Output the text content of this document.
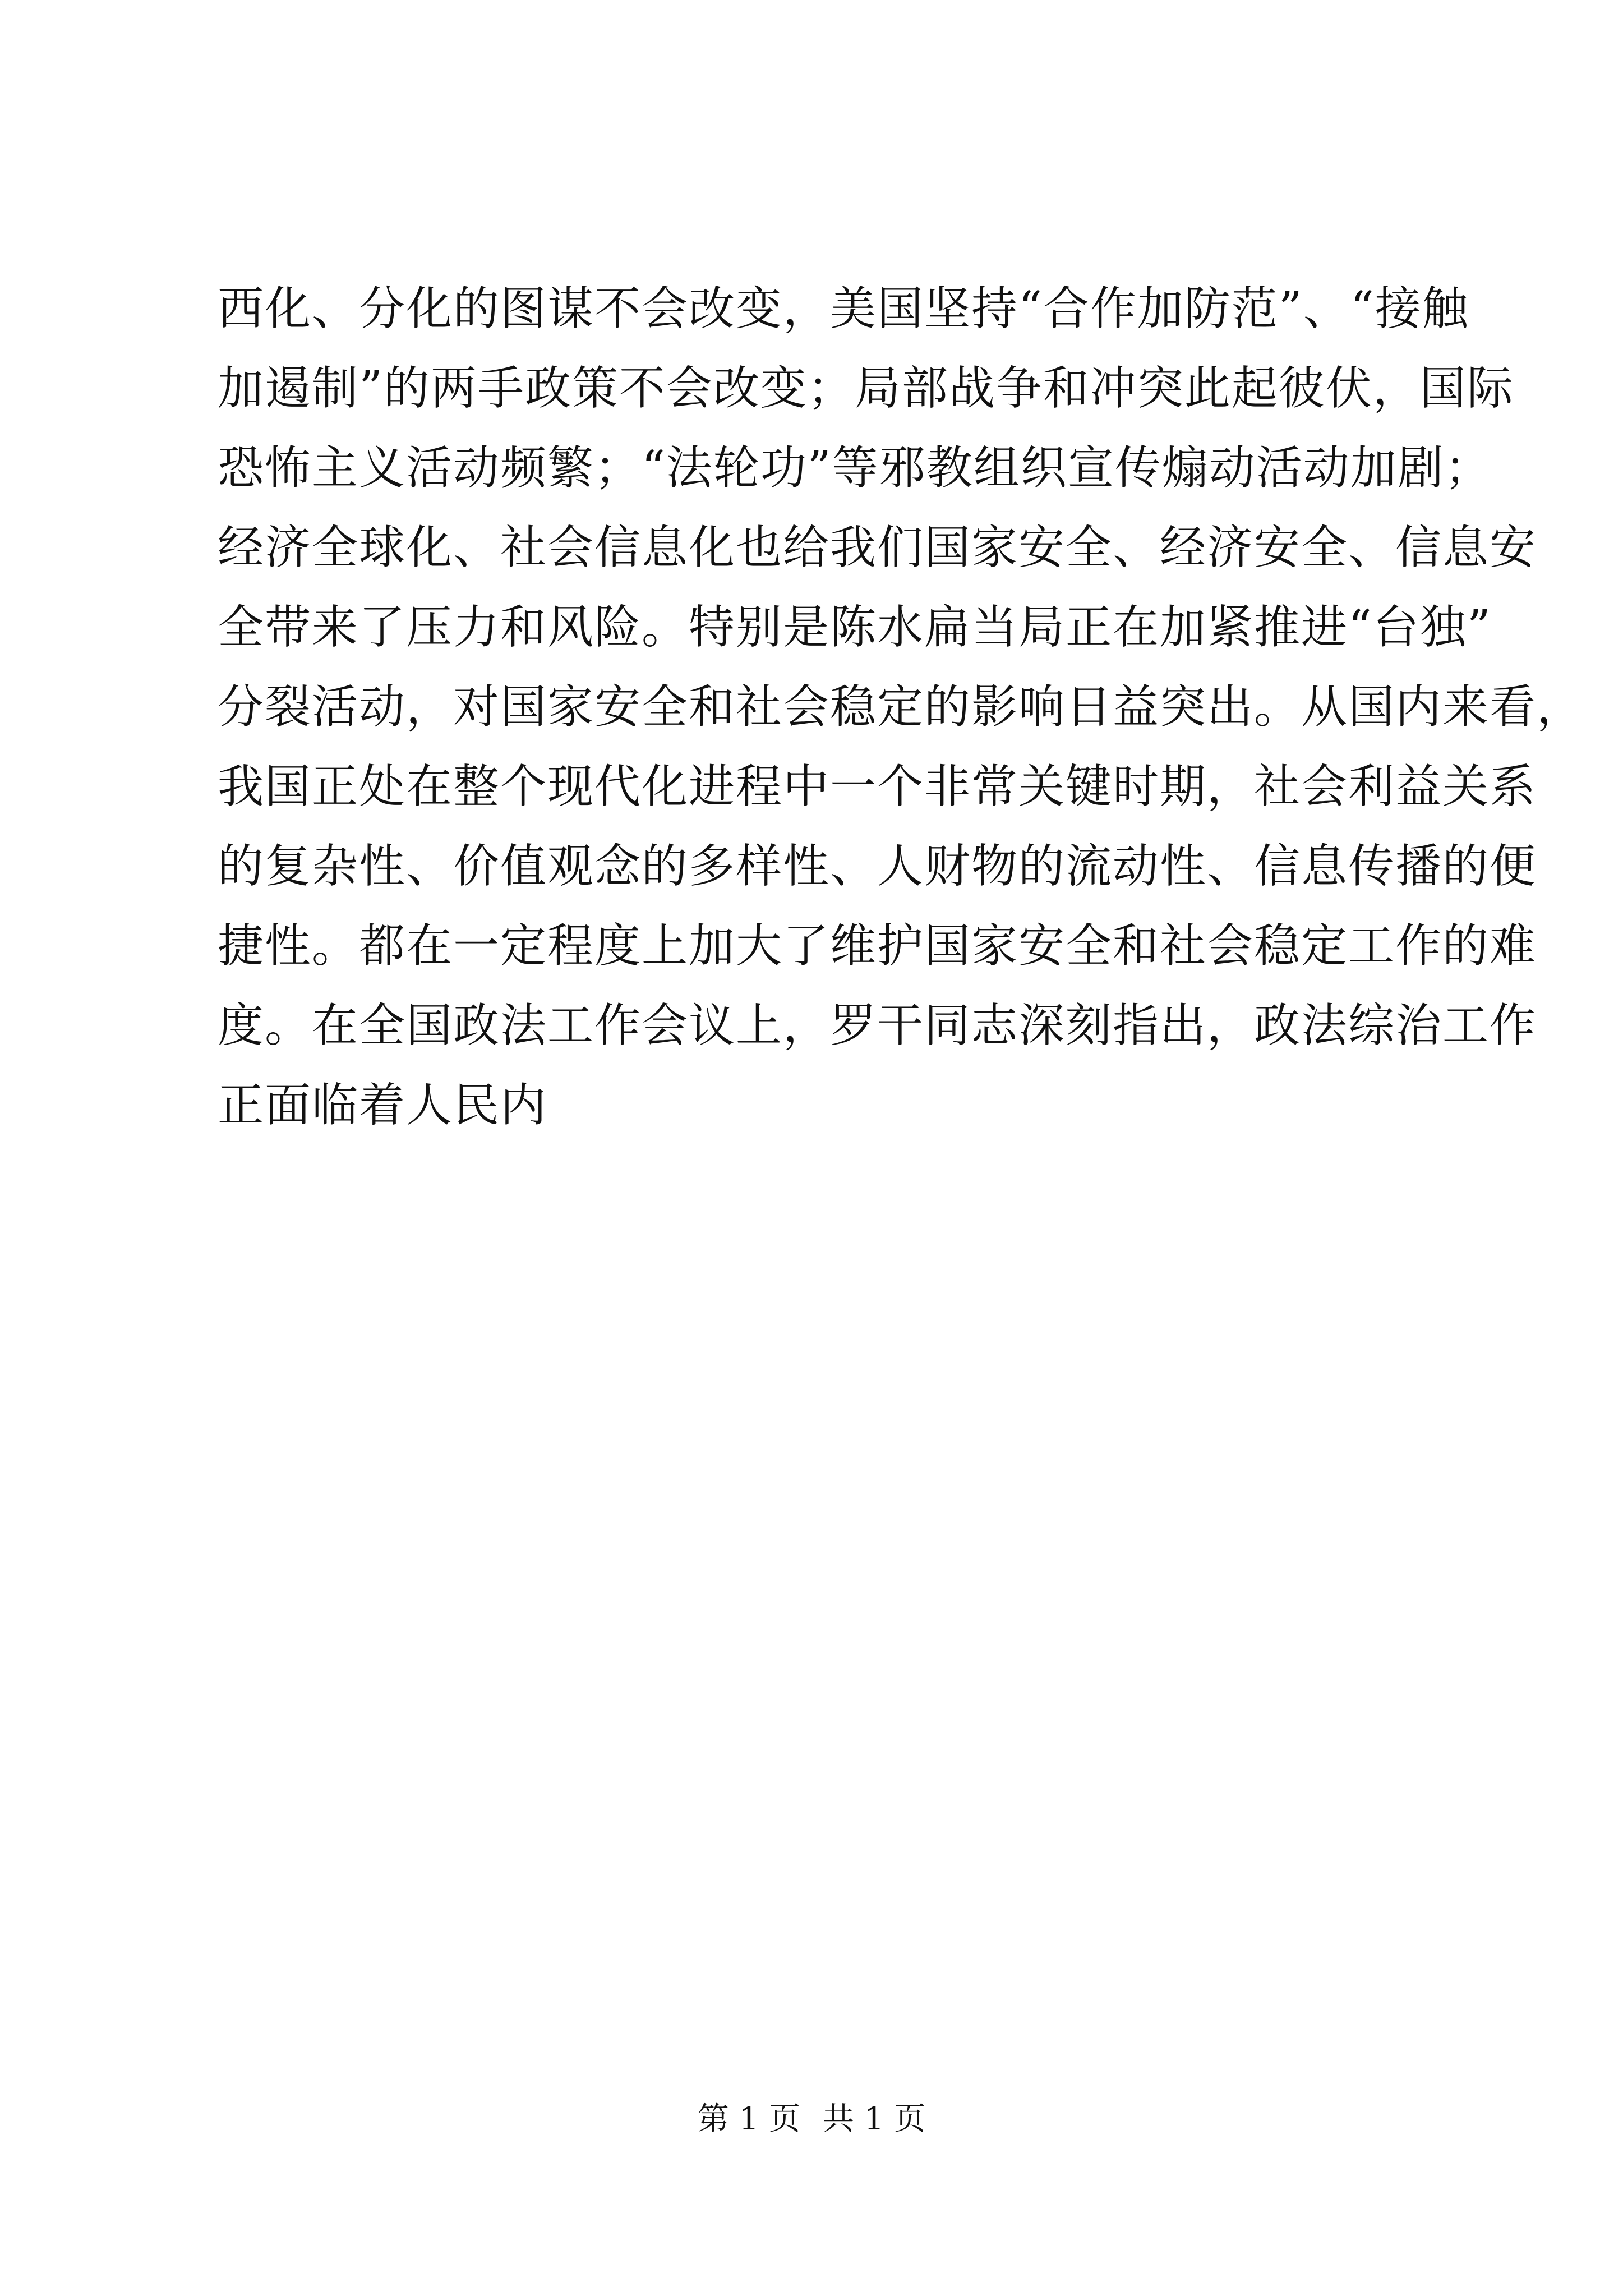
西化、分化的图谋不会改变，美国坚持“合作加防范”、“接触
加遏制”的两手政策不会改变；局部战争和冲突此起彼伏，国际
恐怖主义活动频繁；“法轮功”等邪教组织宣传煽动活动加剧；
经济全球化、社会信息化也给我们国家安全、经济安全、信息安
全带来了压力和风险。特别是陈水扁当局正在加紧推进“台独”
分裂活动，对国家安全和社会稳定的影响日益突出。从国内来看，
我国正处在整个现代化进程中一个非常关键时期，社会利益关系
的复杂性、价值观念的多样性、人财物的流动性、信息传播的便
捷性。都在一定程度上加大了维护国家安全和社会稳定工作的难
度。在全国政法工作会议上，罗干同志深刻指出，政法综治工作
正面临着人民内
第 1 页 共 1 页
